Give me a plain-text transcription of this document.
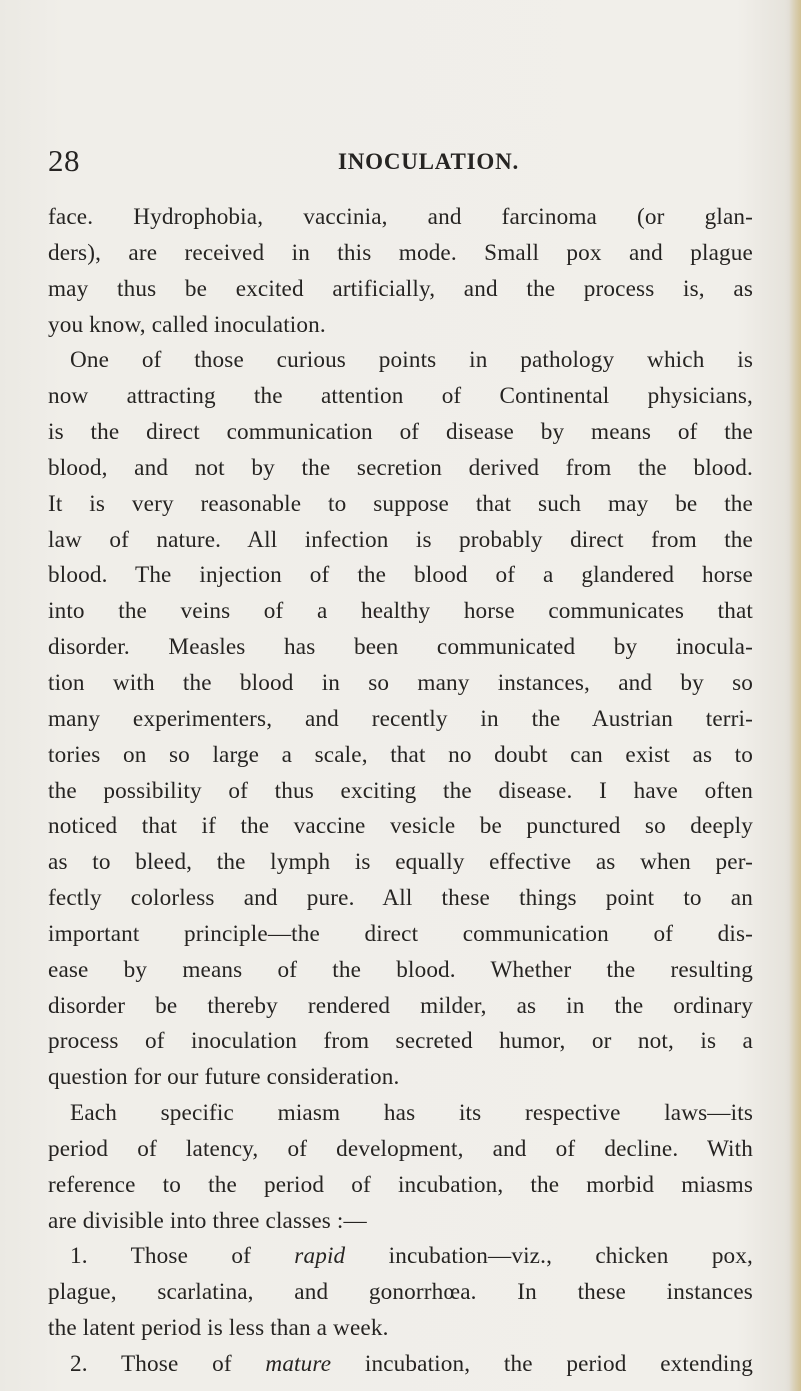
28	INOCULATION.
face. Hydrophobia, vaccinia, and farcinoma (or glan-
ders), are received in this mode. Small pox and plague
may thus be excited artificially, and the process is, as
you know, called inoculation.
One of those curious points in pathology which is
now attracting the attention of Continental physicians,
is the direct communication of disease by means of the
blood, and not by the secretion derived from the blood.
It is very reasonable to suppose that such may be the
law of nature. All infection is probably direct from the
blood. The injection of the blood of a glandered horse
into the veins of a healthy horse communicates that
disorder. Measles has been communicated by inocula-
tion with the blood in so many instances, and by so
many experimenters, and recently in the Austrian terri-
tories on so large a scale, that no doubt can exist as to
the possibility of thus exciting the disease. I have often
noticed that if the vaccine vesicle be punctured so deeply
as to bleed, the lymph is equally effective as when per-
fectly colorless and pure. All these things point to an
important principle—the direct communication of dis-
ease by means of the blood. Whether the resulting
disorder be thereby rendered milder, as in the ordinary
process of inoculation from secreted humor, or not, is a
question for our future consideration.
Each specific miasm has its respective laws—its
period of latency, of development, and of decline. With
reference to the period of incubation, the morbid miasms
are divisible into three classes :—
1. Those of rapid incubation—viz., chicken pox,
plague, scarlatina, and gonorrhœa. In these instances
the latent period is less than a week.
2. Those of mature incubation, the period extending
